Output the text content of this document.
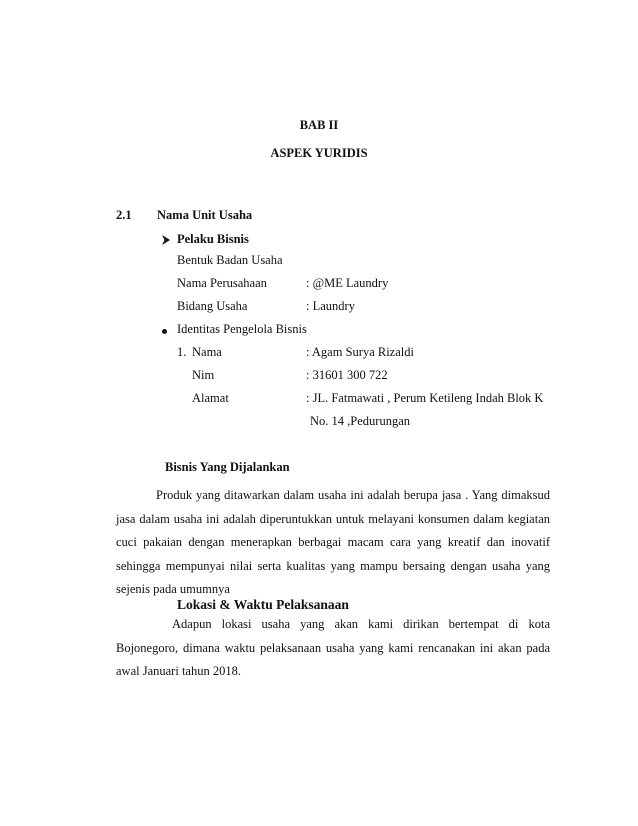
BAB II
ASPEK YURIDIS
2.1 Nama Unit Usaha
Pelaku Bisnis
Bentuk Badan Usaha
Nama Perusahaan	: @ME Laundry
Bidang Usaha	: Laundry
Identitas Pengelola Bisnis
1. Nama	: Agam Surya Rizaldi
Nim	: 31601 300 722
Alamat	: JL. Fatmawati , Perum Ketileng Indah Blok K
No. 14 ,Pedurungan
Bisnis Yang Dijalankan
Produk yang ditawarkan dalam usaha ini adalah berupa jasa . Yang dimaksud jasa dalam usaha ini adalah diperuntukkan untuk melayani konsumen dalam kegiatan cuci pakaian dengan menerapkan berbagai macam cara yang kreatif dan inovatif sehingga mempunyai nilai serta kualitas yang mampu bersaing dengan usaha yang sejenis pada umumnya
Lokasi & Waktu Pelaksanaan
Adapun lokasi usaha yang akan kami dirikan bertempat di kota Bojonegoro, dimana waktu pelaksanaan usaha yang kami rencanakan ini akan pada awal Januari tahun 2018.
